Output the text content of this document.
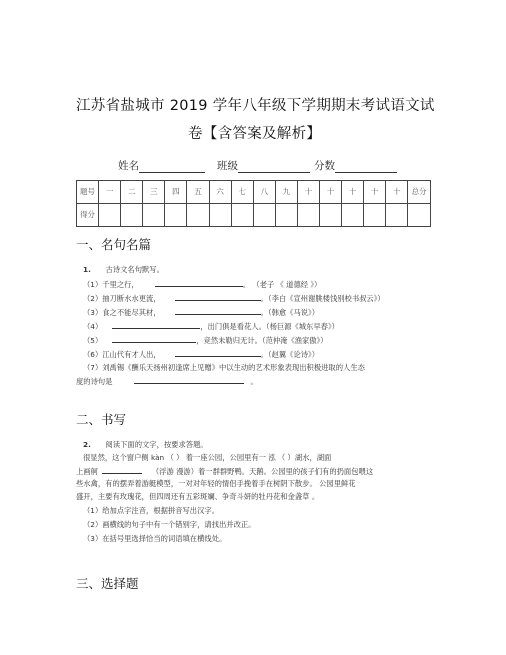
江苏省盐城市 2019 学年八年级下学期期末考试语文试
卷【含答案及解析】
姓名	班级	分数
题号	一	二	三	四	五	六	七	八	九	十	十	十	十	十	总分
得分															
一、名句名篇
1. 古诗文名句默写。
（1）千里之行，	。 （老子 《 道德经 》）
（2）抽刀断水水更流，	。（李白《宣州谢朓楼饯别校书叔云》）
（3）食之不能尽其材，	。（韩愈《马说》）
（4）	，出门俱是看花人。（杨巨源《城东早春》）
（5）	，竞然未勒归无计。（范仲淹《渔家傲》）
（6）江山代有才人出，	。（赵翼《论诗》）
（7）刘禹锡《酬乐天扬州初逢席上见赠》中以生动的艺术形象表现出积极进取的人生态
度的诗句是	。
二、书写
2. 阅读下面的文字，按要求答题。
很显然，这个窗户侧 kàn （ ） 着一座公园，公园里有一 泓 （ ）湖水，湖面
上画舸	（浮游 漫游）着一群群野鸭。天鹅。公园里的孩子们有的扔面包喂这
些水禽，有的摆弄着游艇模型，一对对年轻的情侣手挽着手在树阴下散步。 公园里鲜花
盛开，主要有玫瑰花，但四周还有五彩斑斓、争奇斗妍的牡丹花和金盏草 。
（1）给加点字注音，根据拼音写出汉字。
（2）画横线的句子中有一个错别字，请找出并改正。
（3）在括号里选择恰当的词语填在横线处。
三、选择题
